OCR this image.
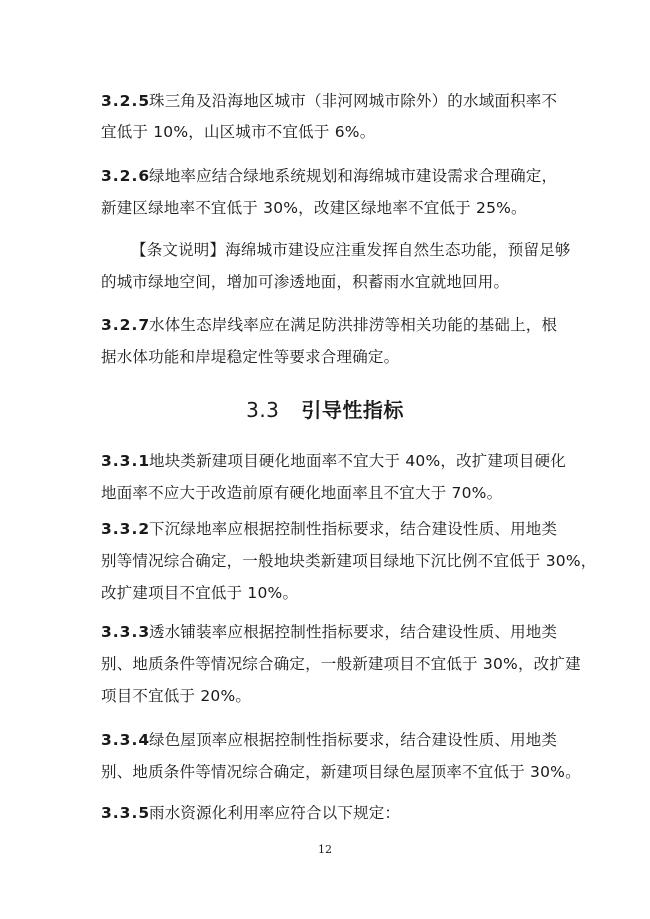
3.2.5珠三角及沿海地区城市（非河网城市除外）的水域面积率不
宜低于 10%，山区城市不宜低于 6%。
3.2.6绿地率应结合绿地系统规划和海绵城市建设需求合理确定，
新建区绿地率不宜低于 30%，改建区绿地率不宜低于 25%。
【条文说明】海绵城市建设应注重发挥自然生态功能，预留足够
的城市绿地空间，增加可渗透地面，积蓄雨水宜就地回用。
3.2.7水体生态岸线率应在满足防洪排涝等相关功能的基础上，根
据水体功能和岸堤稳定性等要求合理确定。
3.3 引导性指标
3.3.1地块类新建项目硬化地面率不宜大于 40%，改扩建项目硬化
地面率不应大于改造前原有硬化地面率且不宜大于 70%。
3.3.2下沉绿地率应根据控制性指标要求，结合建设性质、用地类
别等情况综合确定，一般地块类新建项目绿地下沉比例不宜低于 30%，
改扩建项目不宜低于 10%。
3.3.3透水铺装率应根据控制性指标要求，结合建设性质、用地类
别、地质条件等情况综合确定，一般新建项目不宜低于 30%，改扩建
项目不宜低于 20%。
3.3.4绿色屋顶率应根据控制性指标要求，结合建设性质、用地类
别、地质条件等情况综合确定，新建项目绿色屋顶率不宜低于 30%。
3.3.5雨水资源化利用率应符合以下规定：
12
